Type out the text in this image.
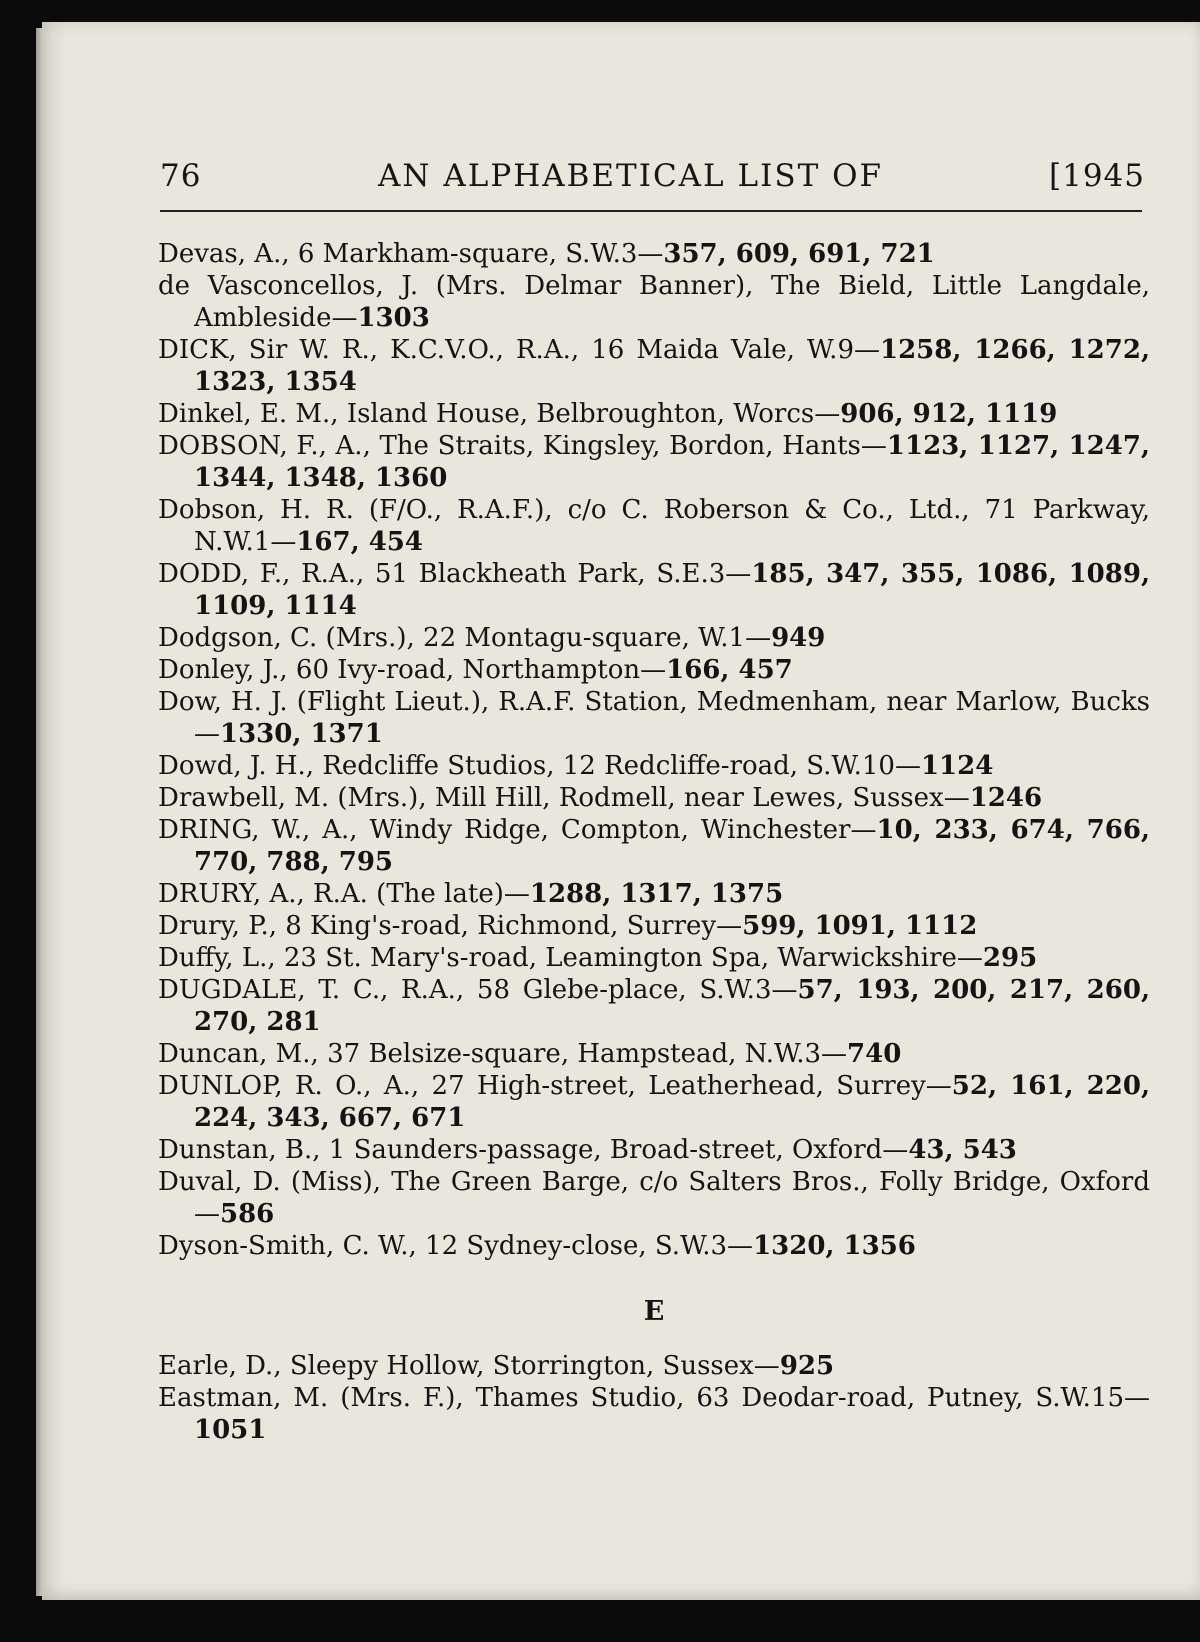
76	AN ALPHABETICAL LIST OF	[1945
Devas, A., 6 Markham-square, S.W.3—357, 609, 691, 721
de Vasconcellos, J. (Mrs. Delmar Banner), The Bield, Little Langdale, Ambleside—1303
DICK, Sir W. R., K.C.V.O., R.A., 16 Maida Vale, W.9—1258, 1266, 1272, 1323, 1354
Dinkel, E. M., Island House, Belbroughton, Worcs—906, 912, 1119
DOBSON, F., A., The Straits, Kingsley, Bordon, Hants—1123, 1127, 1247, 1344, 1348, 1360
Dobson, H. R. (F/O., R.A.F.), c/o C. Roberson & Co., Ltd., 71 Parkway, N.W.1—167, 454
DODD, F., R.A., 51 Blackheath Park, S.E.3—185, 347, 355, 1086, 1089, 1109, 1114
Dodgson, C. (Mrs.), 22 Montagu-square, W.1—949
Donley, J., 60 Ivy-road, Northampton—166, 457
Dow, H. J. (Flight Lieut.), R.A.F. Station, Medmenham, near Marlow, Bucks—1330, 1371
Dowd, J. H., Redcliffe Studios, 12 Redcliffe-road, S.W.10—1124
Drawbell, M. (Mrs.), Mill Hill, Rodmell, near Lewes, Sussex—1246
DRING, W., A., Windy Ridge, Compton, Winchester—10, 233, 674, 766, 770, 788, 795
DRURY, A., R.A. (The late)—1288, 1317, 1375
Drury, P., 8 King's-road, Richmond, Surrey—599, 1091, 1112
Duffy, L., 23 St. Mary's-road, Leamington Spa, Warwickshire—295
DUGDALE, T. C., R.A., 58 Glebe-place, S.W.3—57, 193, 200, 217, 260, 270, 281
Duncan, M., 37 Belsize-square, Hampstead, N.W.3—740
DUNLOP, R. O., A., 27 High-street, Leatherhead, Surrey—52, 161, 220, 224, 343, 667, 671
Dunstan, B., 1 Saunders-passage, Broad-street, Oxford—43, 543
Duval, D. (Miss), The Green Barge, c/o Salters Bros., Folly Bridge, Oxford—586
Dyson-Smith, C. W., 12 Sydney-close, S.W.3—1320, 1356
E
Earle, D., Sleepy Hollow, Storrington, Sussex—925
Eastman, M. (Mrs. F.), Thames Studio, 63 Deodar-road, Putney, S.W.15—1051
